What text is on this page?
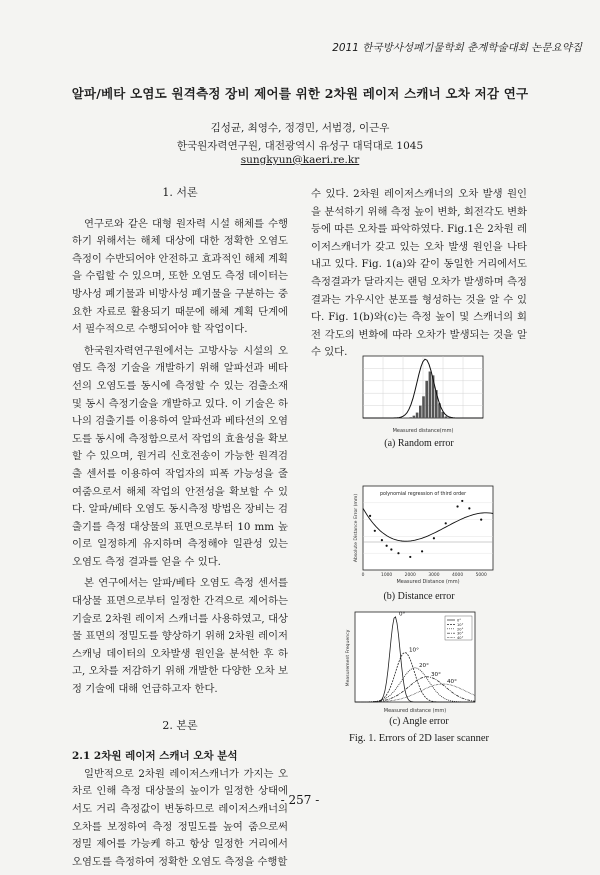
2011 한국방사성폐기물학회 춘계학술대회 논문요약집
알파/베타 오염도 원격측정 장비 제어를 위한 2차원 레이저 스캐너 오차 저감 연구
김성균, 최영수, 정경민, 서범경, 이근우
한국원자력연구원, 대전광역시 유성구 대덕대로 1045
sungkyun@kaeri.re.kr
1. 서론

연구로와 같은 대형 원자력 시설 해체를 수행하기 위해서는 해체 대상에 대한 정확한 오염도 측정이 수반되어야 안전하고 효과적인 해체 계획을 수립할 수 있으며, 또한 오염도 측정 데이터는 방사성 폐기물과 비방사성 폐기물을 구분하는 중요한 자료로 활용되기 때문에 해체 계획 단계에서 필수적으로 수행되어야 할 작업이다.

한국원자력연구원에서는 고방사능 시설의 오염도 측정 기술을 개발하기 위해 알파선과 베타선의 오염도를 동시에 측정할 수 있는 검출소재 및 동시 측정기술을 개발하고 있다. 이 기술은 하나의 검출기를 이용하여 알파선과 베타선의 오염도를 동시에 측정함으로서 작업의 효율성을 확보할 수 있으며, 원거리 신호전송이 가능한 원격검출 센서를 이용하여 작업자의 피폭 가능성을 줄여줌으로서 해체 작업의 안전성을 확보할 수 있다. 알파/베타 오염도 동시측정 방법은 장비는 검출기를 측정 대상물의 표면으로부터 10 mm 높이로 일정하게 유지하며 측정해야 일관성 있는 오염도 측정 결과를 얻을 수 있다.

본 연구에서는 알파/베타 오염도 측정 센서를 대상물 표면으로부터 일정한 간격으로 제어하는 기술로 2차원 레이저 스캐너를 사용하였고, 대상물 표면의 정밀도를 향상하기 위해 2차원 레이저 스캐닝 데이터의 오차발생 원인을 분석한 후 하고, 오차를 저감하기 위해 개발한 다양한 오차 보정 기술에 대해 언급하고자 한다.

2. 본론
2.1 2차원 레이저 스캐너 오차 분석

일반적으로 2차원 레이저스캐너가 가지는 오차로 인해 측정 대상물의 높이가 일정한 상태에서도 거리 측정값이 변동하므로 레이저스캐너의 오차를 보정하여 측정 정밀도를 높여 줌으로써 정밀 제어를 가능케 하고 항상 일정한 거리에서 오염도를 측정하여 정확한 오염도 측정을 수행할

수 있다. 2차원 레이저스캐너의 오차 발생 원인을 분석하기 위해 측정 높이 변화, 회전각도 변화 등에 따른 오차를 파악하였다. Fig.1은 2차원 레이저스캐너가 갖고 있는 오차 발생 원인을 나타내고 있다. Fig. 1(a)와 같이 동일한 거리에서도 측정결과가 달라지는 랜덤 오차가 발생하며 측정결과는 가우시안 분포를 형성하는 것을 알 수 있다. Fig. 1(b)와(c)는 측정 높이 및 스캐너의 회전 각도의 변화에 따라 오차가 발생되는 것을 알 수 있다.

Measured distance(mm)
(a) Random error
polynomial regression of third order
0	1000	2000	3000	4000	5000
Measured Distance (mm)
Absolute Distance Error (mm)
(b) Distance error
0°
10°
20°
30°
40°
0°
10°
20°
30°
40°
Measured distance (mm)
Measurement Frequency
(c) Angle error
Fig. 1. Errors of 2D laser scanner
- 257 -
